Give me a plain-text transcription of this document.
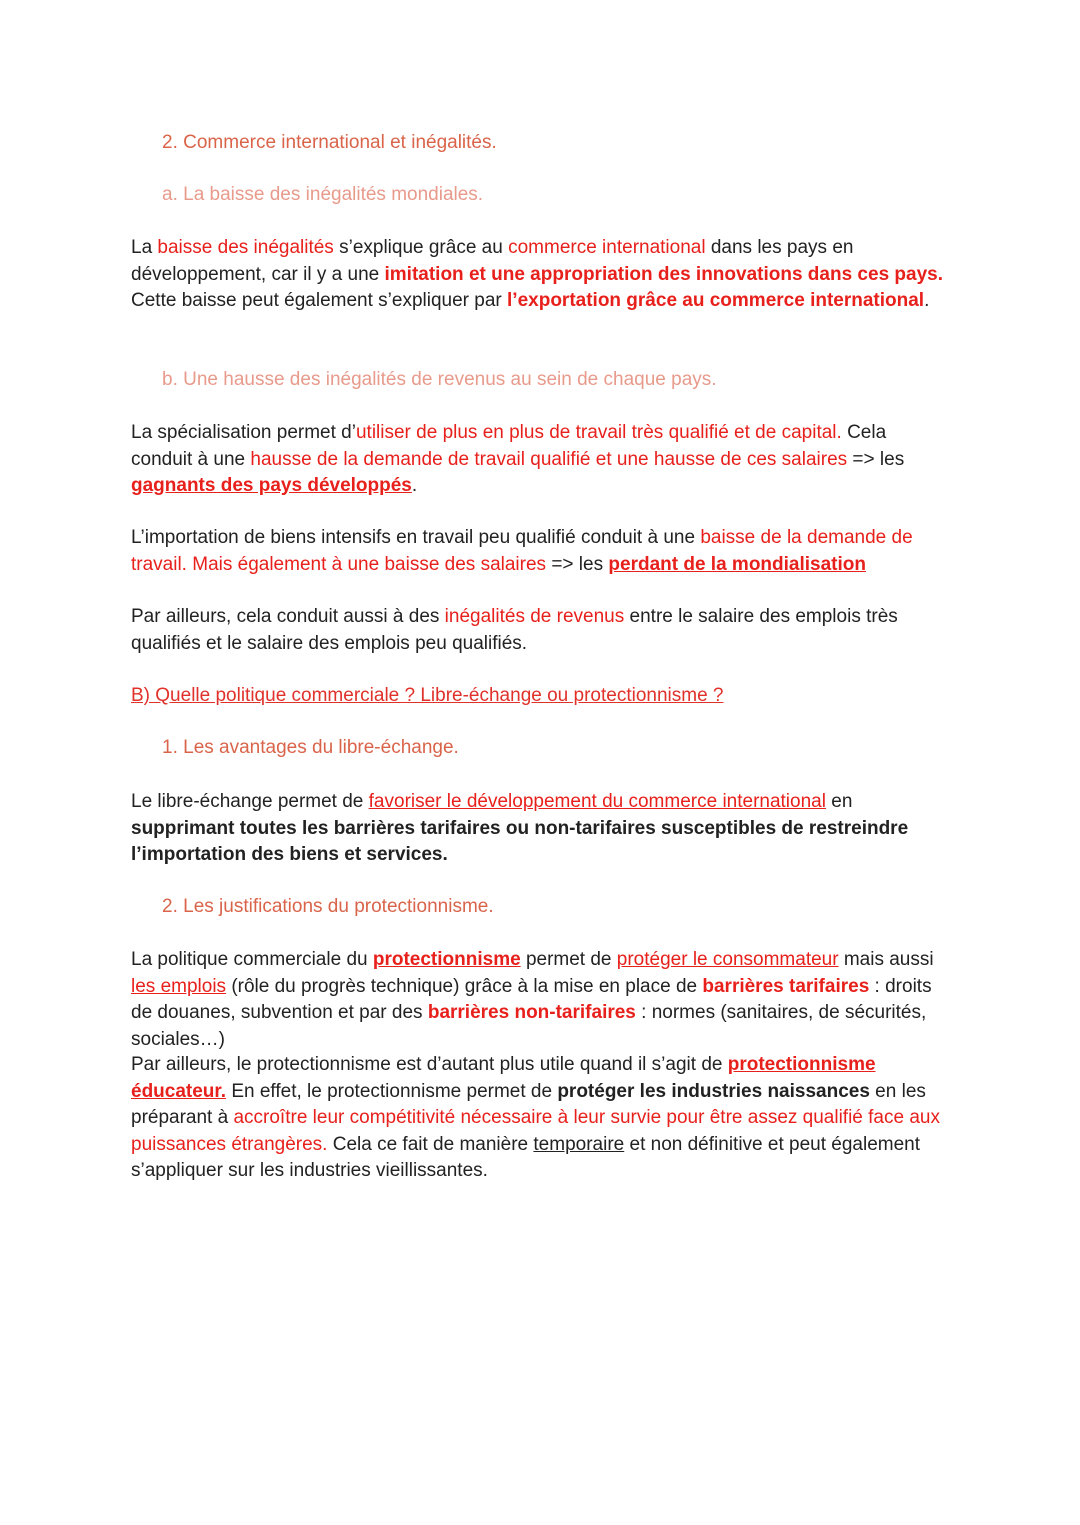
2. Commerce international et inégalités.

a. La baisse des inégalités mondiales.

La baisse des inégalités s’explique grâce au commerce international dans les pays en développement, car il y a une imitation et une appropriation des innovations dans ces pays. Cette baisse peut également s’expliquer par l’exportation grâce au commerce international.

b. Une hausse des inégalités de revenus au sein de chaque pays.

La spécialisation permet d’utiliser de plus en plus de travail très qualifié et de capital. Cela conduit à une hausse de la demande de travail qualifié et une hausse de ces salaires => les gagnants des pays développés.

L’importation de biens intensifs en travail peu qualifié conduit à une baisse de la demande de travail. Mais également à une baisse des salaires => les perdant de la mondialisation

Par ailleurs, cela conduit aussi à des inégalités de revenus entre le salaire des emplois très qualifiés et le salaire des emplois peu qualifiés.

B) Quelle politique commerciale ? Libre-échange ou protectionnisme ?

1. Les avantages du libre-échange.

Le libre-échange permet de favoriser le développement du commerce international en supprimant toutes les barrières tarifaires ou non-tarifaires susceptibles de restreindre l’importation des biens et services.

2. Les justifications du protectionnisme.

La politique commerciale du protectionnisme permet de protéger le consommateur mais aussi les emplois (rôle du progrès technique) grâce à la mise en place de barrières tarifaires : droits de douanes, subvention et par des barrières non-tarifaires : normes (sanitaires, de sécurités, sociales…)

Par ailleurs, le protectionnisme est d’autant plus utile quand il s’agit de protectionnisme éducateur. En effet, le protectionnisme permet de protéger les industries naissances en les préparant à accroître leur compétitivité nécessaire à leur survie pour être assez qualifié face aux puissances étrangères. Cela ce fait de manière temporaire et non définitive et peut également s’appliquer sur les industries vieillissantes.
